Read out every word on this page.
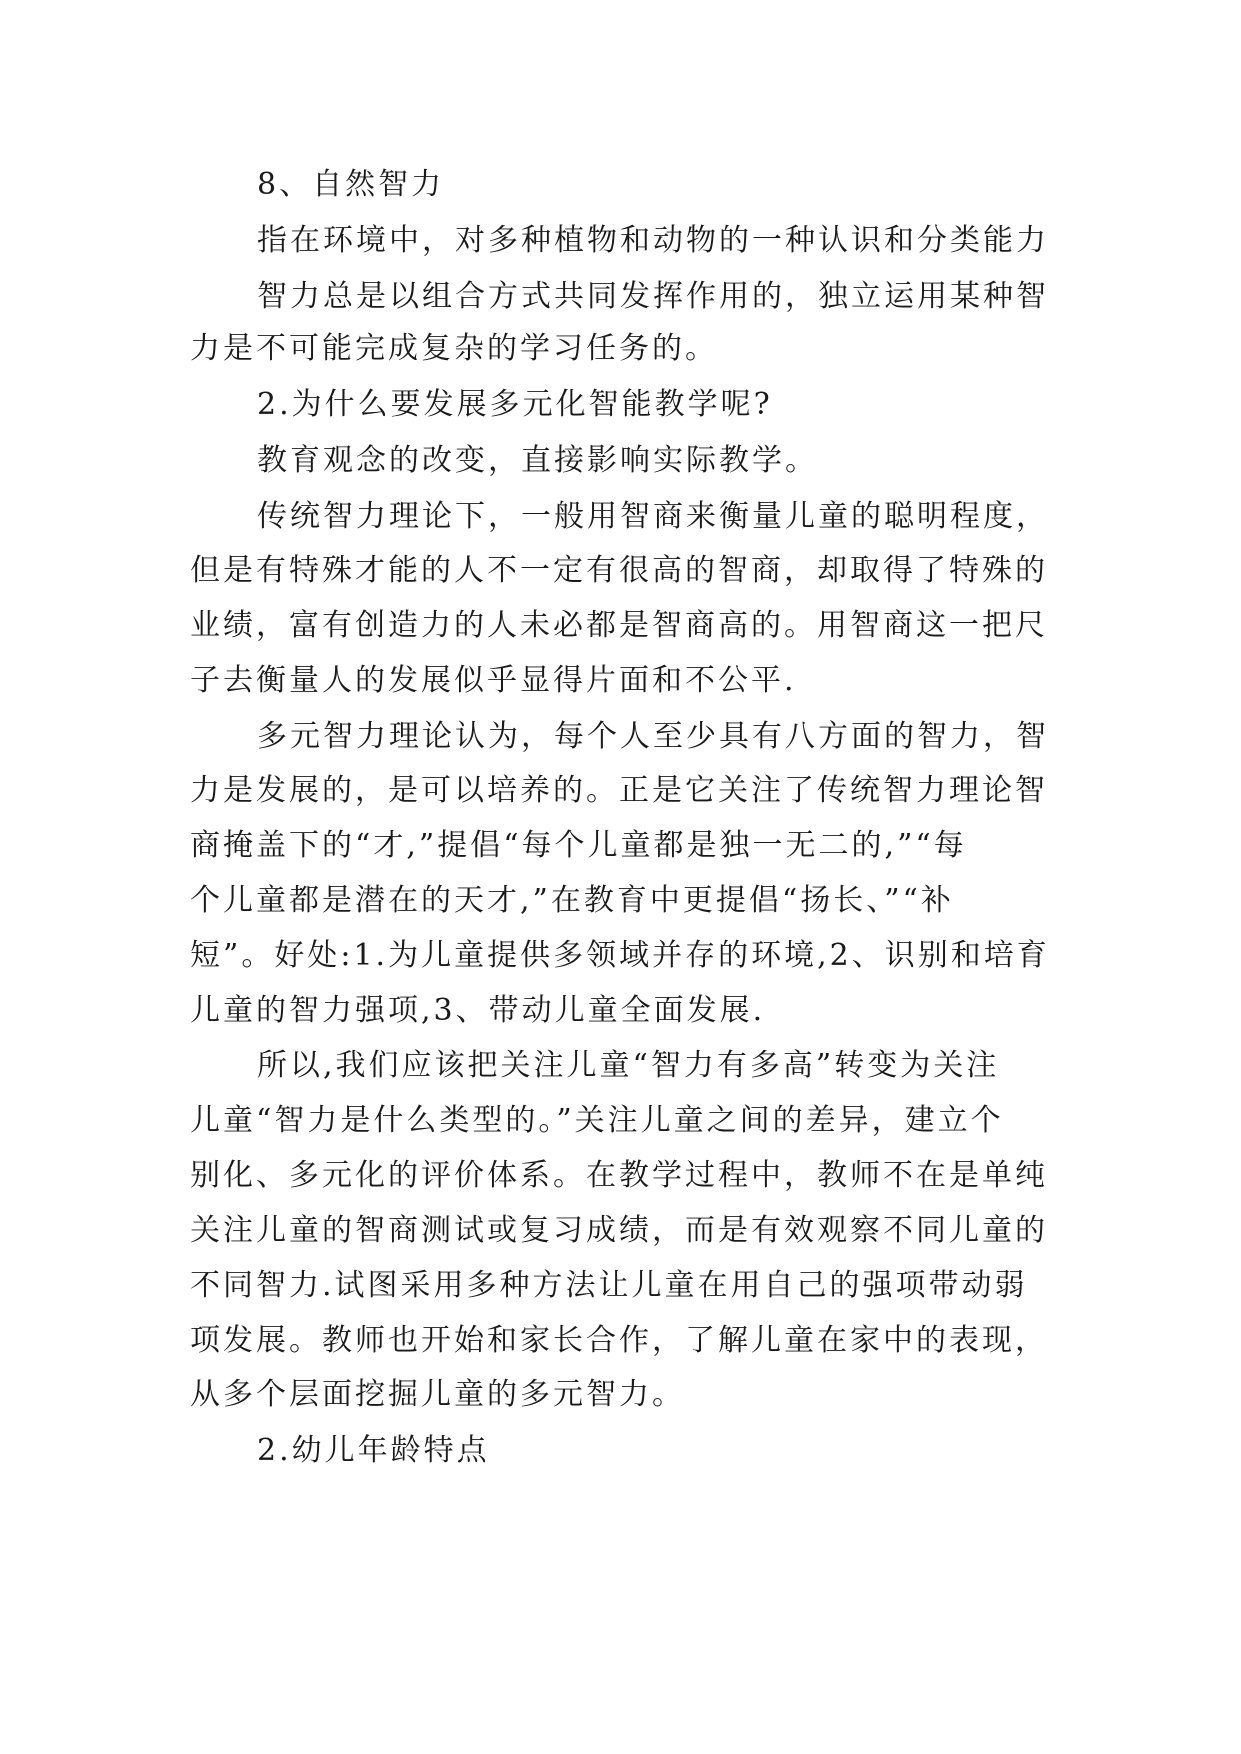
8、自然智力
指在环境中，对多种植物和动物的一种认识和分类能力
智力总是以组合方式共同发挥作用的，独立运用某种智
力是不可能完成复杂的学习任务的。
2.为什么要发展多元化智能教学呢?
教育观念的改变，直接影响实际教学。
传统智力理论下，一般用智商来衡量儿童的聪明程度，
但是有特殊才能的人不一定有很高的智商，却取得了特殊的
业绩，富有创造力的人未必都是智商高的。用智商这一把尺
子去衡量人的发展似乎显得片面和不公平.
多元智力理论认为，每个人至少具有八方面的智力，智
力是发展的，是可以培养的。正是它关注了传统智力理论智
商掩盖下的“才,”提倡“每个儿童都是独一无二的,”“每
个儿童都是潜在的天才,”在教育中更提倡“扬长、”“补
短”。好处:1.为儿童提供多领域并存的环境,2、识别和培育
儿童的智力强项,3、带动儿童全面发展.
所以,我们应该把关注儿童“智力有多高”转变为关注
儿童“智力是什么类型的。”关注儿童之间的差异，建立个
别化、多元化的评价体系。在教学过程中，教师不在是单纯
关注儿童的智商测试或复习成绩，而是有效观察不同儿童的
不同智力.试图采用多种方法让儿童在用自己的强项带动弱
项发展。教师也开始和家长合作，了解儿童在家中的表现，
从多个层面挖掘儿童的多元智力。
2.幼儿年龄特点
